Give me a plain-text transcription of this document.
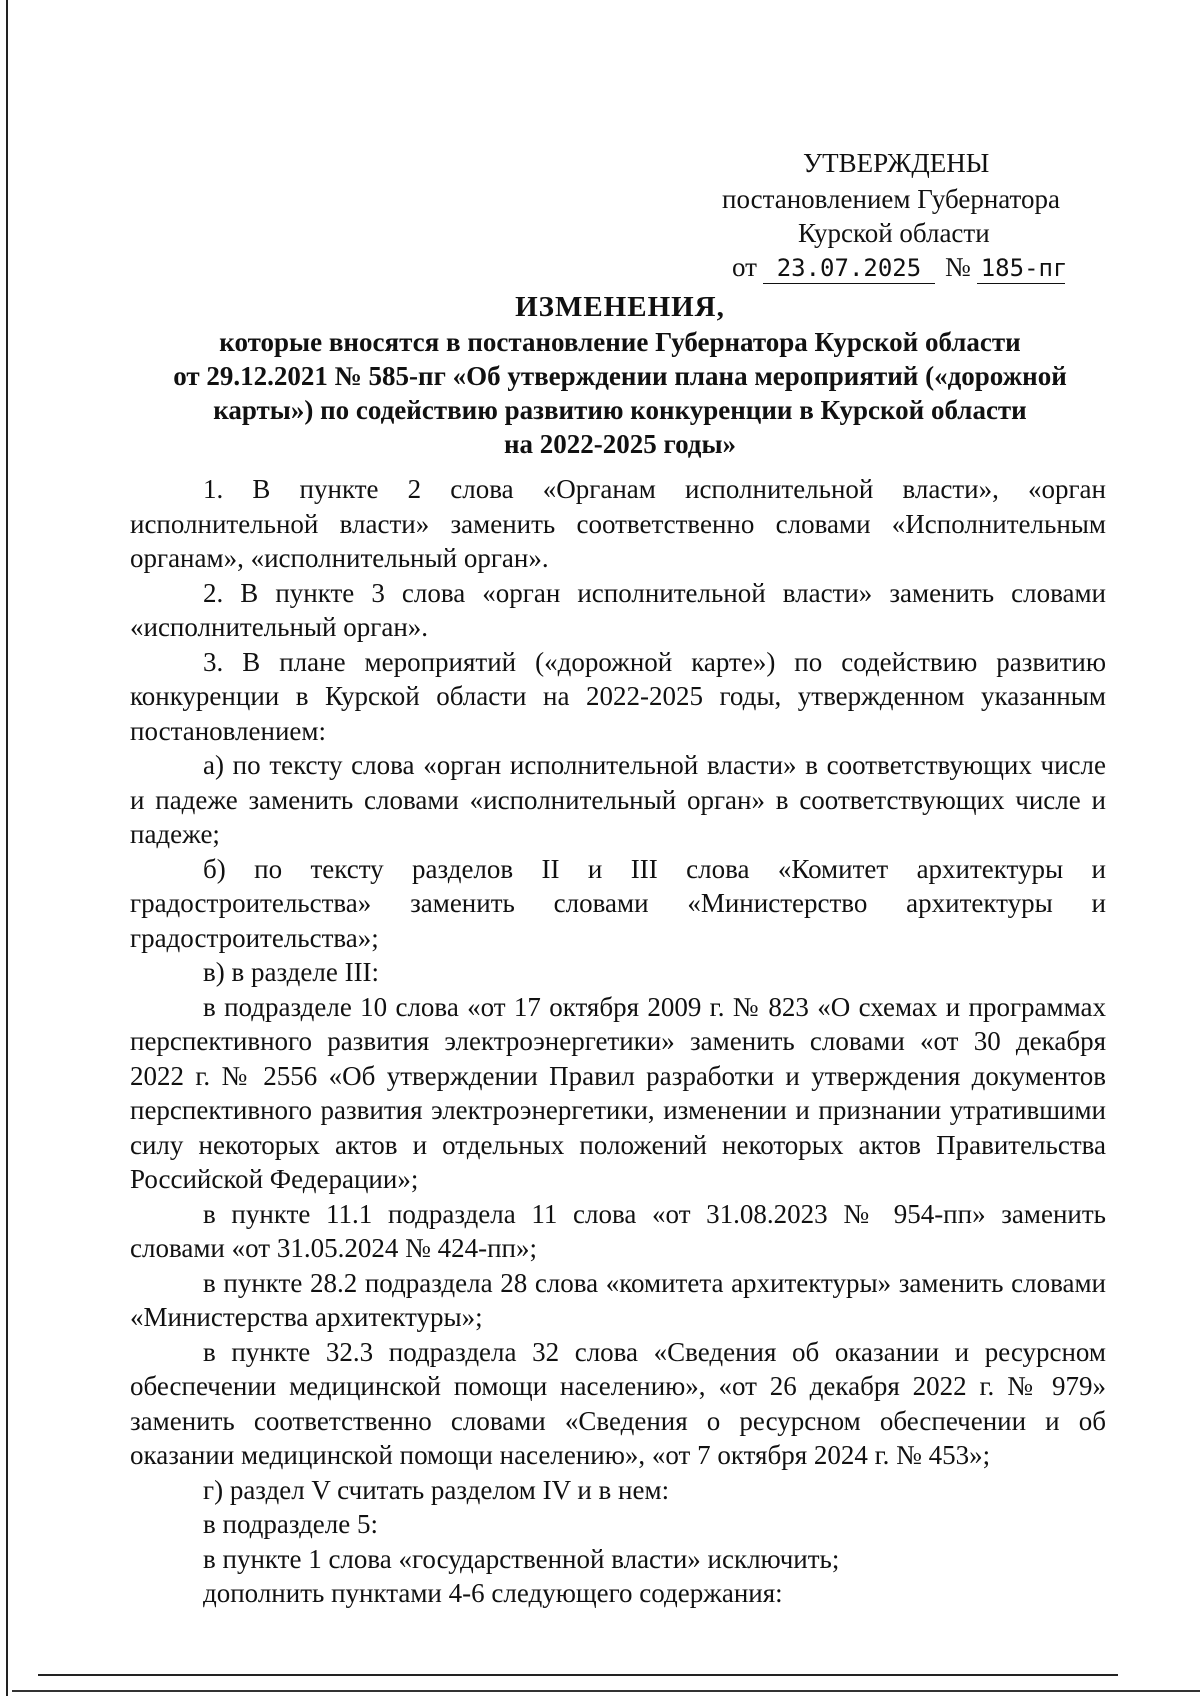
УТВЕРЖДЕНЫ
постановлением Губернатора
Курской области
от 23.07.2025 № 185-пг
ИЗМЕНЕНИЯ,
которые вносятся в постановление Губернатора Курской области
от 29.12.2021 № 585-пг «Об утверждении плана мероприятий («дорожной
карты») по содействию развитию конкуренции в Курской области
на 2022-2025 годы»

1. В пункте 2 слова «Органам исполнительной власти», «орган исполнительной власти» заменить соответственно словами «Исполнительным органам», «исполнительный орган».

2. В пункте 3 слова «орган исполнительной власти» заменить словами «исполнительный орган».

3. В плане мероприятий («дорожной карте») по содействию развитию конкуренции в Курской области на 2022-2025 годы, утвержденном указанным постановлением:

а) по тексту слова «орган исполнительной власти» в соответствующих числе и падеже заменить словами «исполнительный орган» в соответствующих числе и падеже;

б) по тексту разделов II и III слова «Комитет архитектуры и градостроительства» заменить словами «Министерство архитектуры и градостроительства»;

в) в разделе III:

в подразделе 10 слова «от 17 октября 2009 г. № 823 «О схемах и программах перспективного развития электроэнергетики» заменить словами «от 30 декабря 2022 г. № 2556 «Об утверждении Правил разработки и утверждения документов перспективного развития электроэнергетики, изменении и признании утратившими силу некоторых актов и отдельных положений некоторых актов Правительства Российской Федерации»;

в пункте 11.1 подраздела 11 слова «от 31.08.2023 № 954-пп» заменить словами «от 31.05.2024 № 424-пп»;

в пункте 28.2 подраздела 28 слова «комитета архитектуры» заменить словами «Министерства архитектуры»;

в пункте 32.3 подраздела 32 слова «Сведения об оказании и ресурсном обеспечении медицинской помощи населению», «от 26 декабря 2022 г. № 979» заменить соответственно словами «Сведения о ресурсном обеспечении и об оказании медицинской помощи населению», «от 7 октября 2024 г. № 453»;

г) раздел V считать разделом IV и в нем:

в подразделе 5:

в пункте 1 слова «государственной власти» исключить;

дополнить пунктами 4-6 следующего содержания:
